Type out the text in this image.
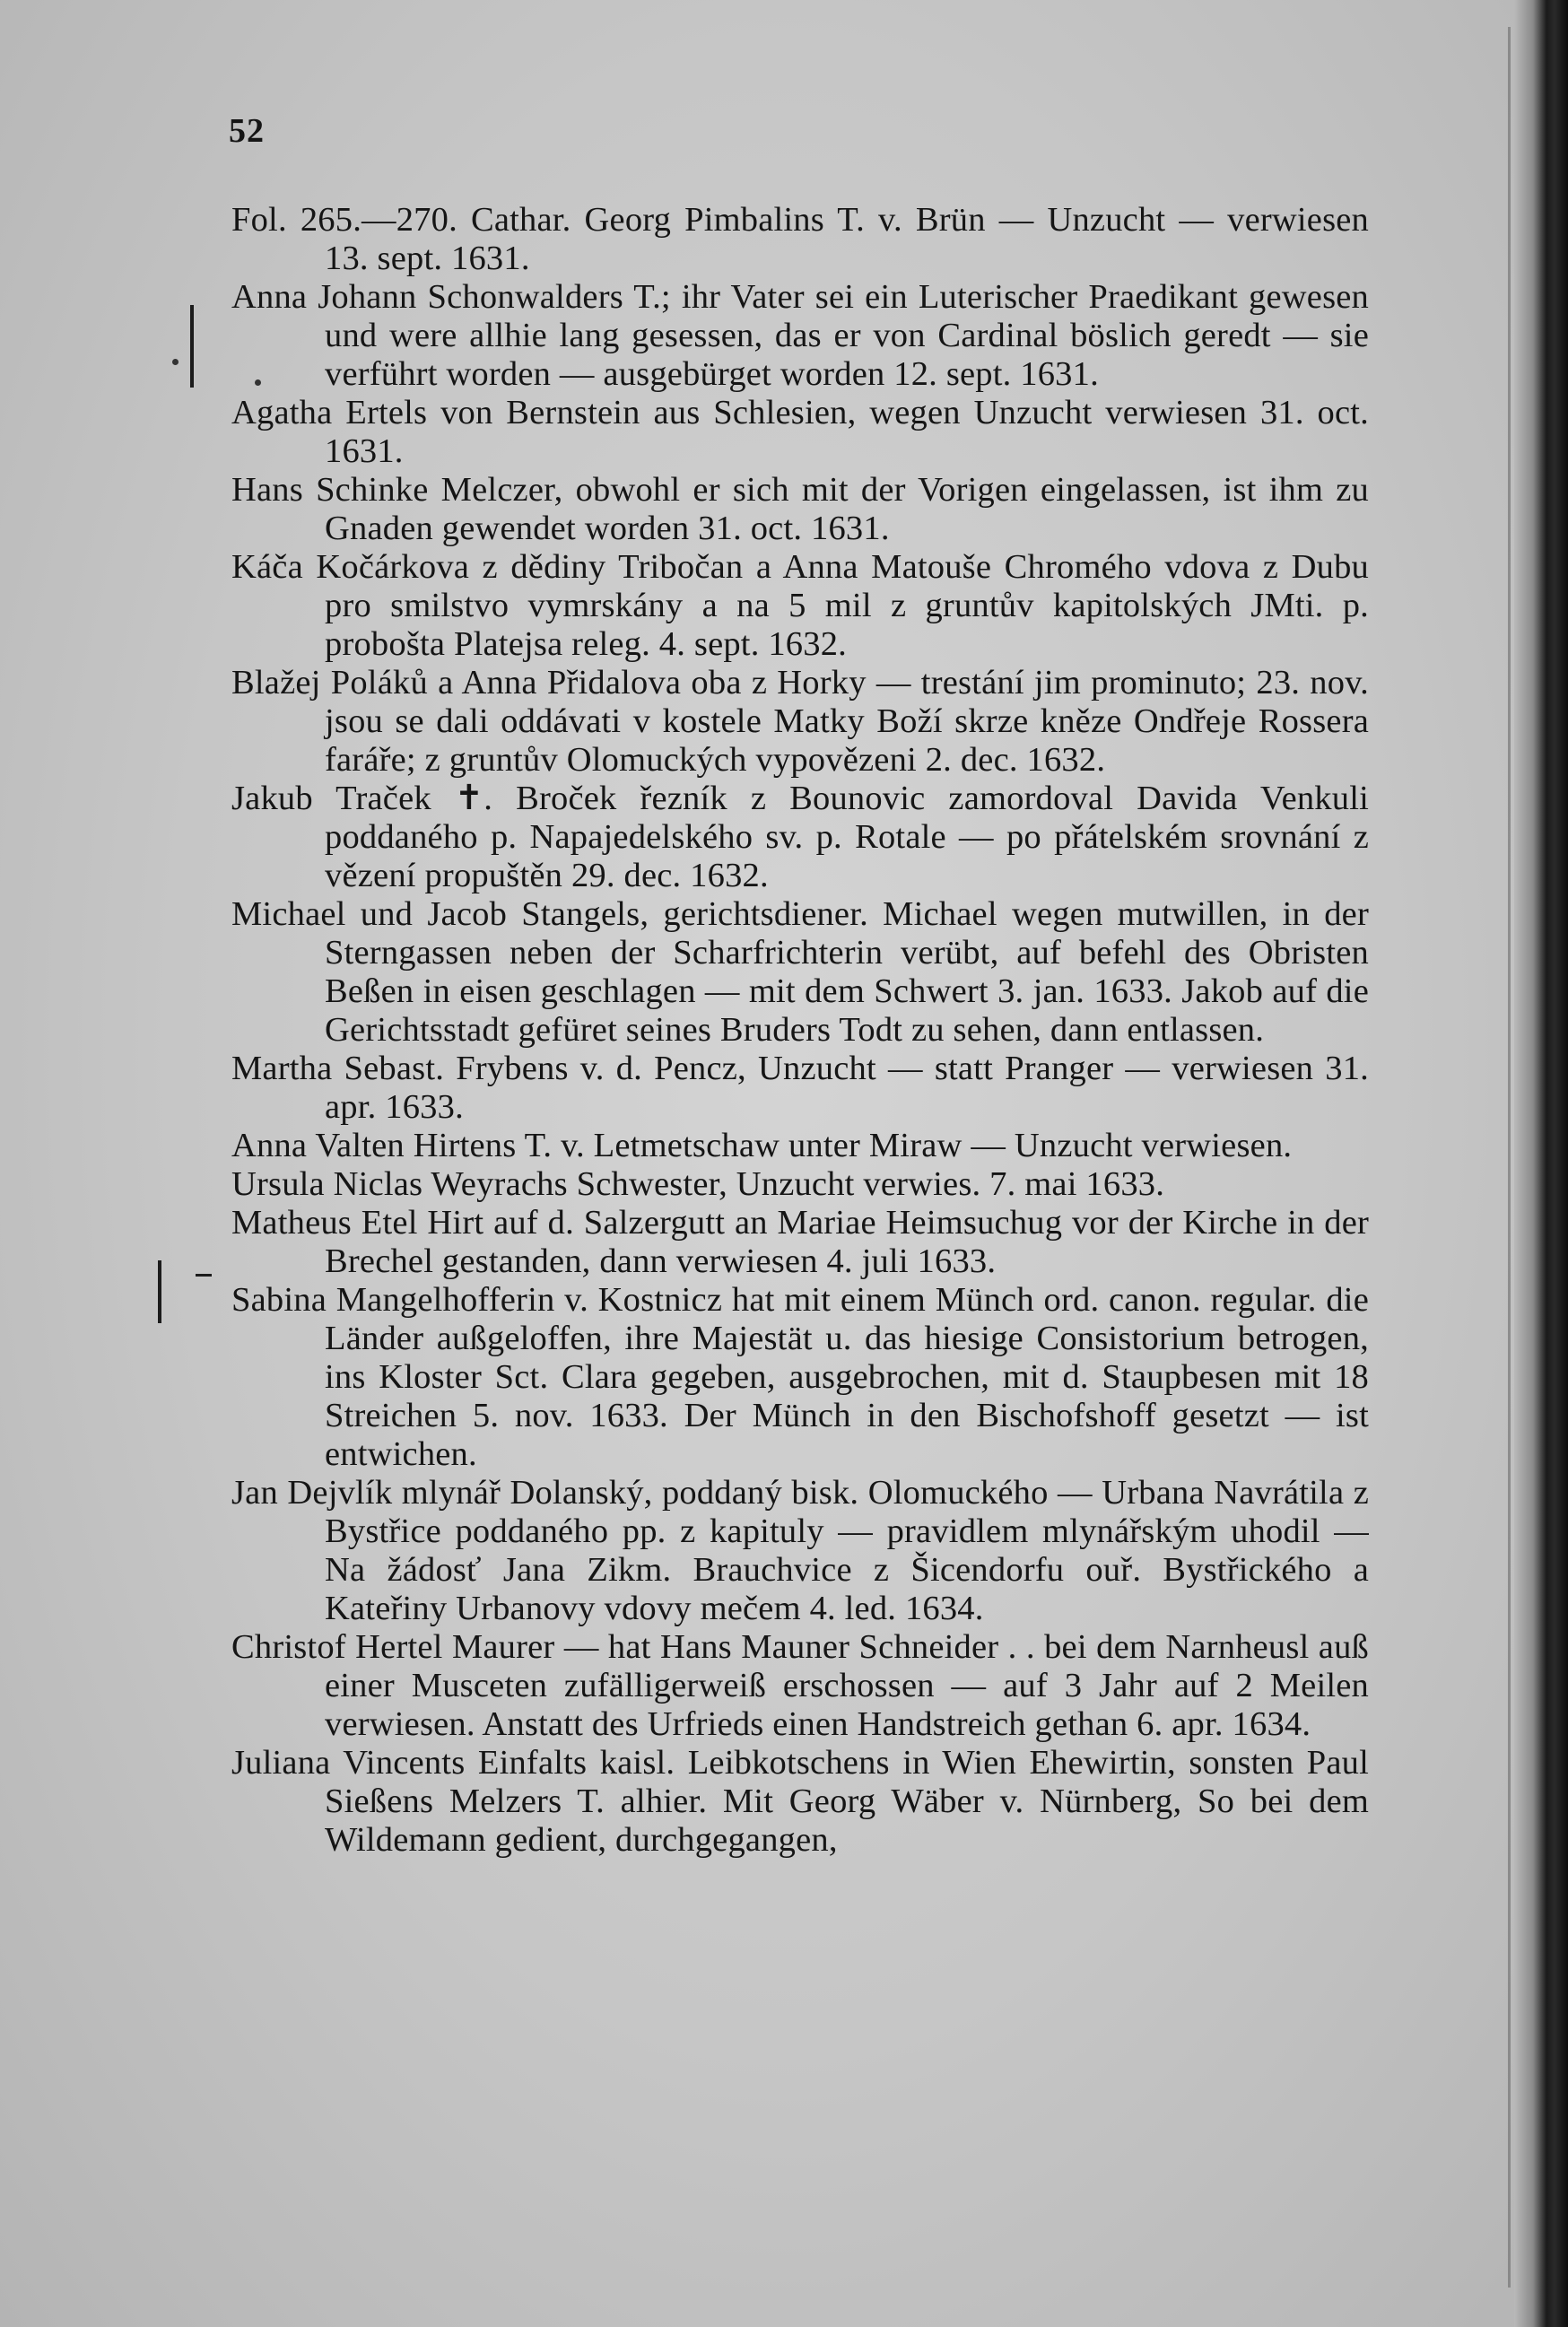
52

Fol. 265.—270. Cathar. Georg Pimbalins T. v. Brün — Unzucht — verwiesen 13. sept. 1631.

Anna Johann Schonwalders T.; ihr Vater sei ein Luterischer Praedikant gewesen und were allhie lang gesessen, das er von Cardinal böslich geredt — sie verführt worden — ausgebürget worden 12. sept. 1631.

Agatha Ertels von Bernstein aus Schlesien, wegen Unzucht verwiesen 31. oct. 1631.

Hans Schinke Melczer, obwohl er sich mit der Vorigen eingelassen, ist ihm zu Gnaden gewendet worden 31. oct. 1631.

Káča Kočárkova z dědiny Tribočan a Anna Matouše Chromého vdova z Dubu pro smilstvo vymrskány a na 5 mil z gruntův kapitolských JMti. p. probošta Platejsa releg. 4. sept. 1632.

Blažej Poláků a Anna Přidalova oba z Horky — trestání jim prominuto; 23. nov. jsou se dali oddávati v kostele Matky Boží skrze kněze Ondřeje Rossera faráře; z gruntův Olomuckých vypovězeni 2. dec. 1632.

Jakub Traček ✝. Broček řezník z Bounovic zamordoval Davida Venkuli poddaného p. Napajedelského sv. p. Rotale — po přátelském srovnání z vězení propuštěn 29. dec. 1632.

Michael und Jacob Stangels, gerichtsdiener. Michael wegen mutwillen, in der Sterngassen neben der Scharfrichterin verübt, auf befehl des Obristen Beßen in eisen geschlagen — mit dem Schwert 3. jan. 1633. Jakob auf die Gerichtsstadt gefüret seines Bruders Todt zu sehen, dann entlassen.

Martha Sebast. Frybens v. d. Pencz, Unzucht — statt Pranger — verwiesen 31. apr. 1633.

Anna Valten Hirtens T. v. Letmetschaw unter Miraw — Unzucht verwiesen.

Ursula Niclas Weyrachs Schwester, Unzucht verwies. 7. mai 1633.

Matheus Etel Hirt auf d. Salzergutt an Mariae Heimsuchug vor der Kirche in der Brechel gestanden, dann verwiesen 4. juli 1633.

Sabina Mangelhofferin v. Kostnicz hat mit einem Münch ord. canon. regular. die Länder außgeloffen, ihre Majestät u. das hiesige Consistorium betrogen, ins Kloster Sct. Clara gegeben, ausgebrochen, mit d. Staupbesen mit 18 Streichen 5. nov. 1633. Der Münch in den Bischofshoff gesetzt — ist entwichen.

Jan Dejvlík mlynář Dolanský, poddaný bisk. Olomuckého — Urbana Navrátila z Bystřice poddaného pp. z kapituly — pravidlem mlynářským uhodil — Na žádosť Jana Zikm. Brauchvice z Šicendorfu ouř. Bystřického a Kateřiny Urbanovy vdovy mečem 4. led. 1634.

Christof Hertel Maurer — hat Hans Mauner Schneider . . bei dem Narnheusl auß einer Musceten zufälligerweiß erschossen — auf 3 Jahr auf 2 Meilen verwiesen. Anstatt des Urfrieds einen Handstreich gethan 6. apr. 1634.

Juliana Vincents Einfalts kaisl. Leibkotschens in Wien Ehewirtin, sonsten Paul Sießens Melzers T. alhier. Mit Georg Wäber v. Nürnberg, So bei dem Wildemann gedient, durchgegangen,
